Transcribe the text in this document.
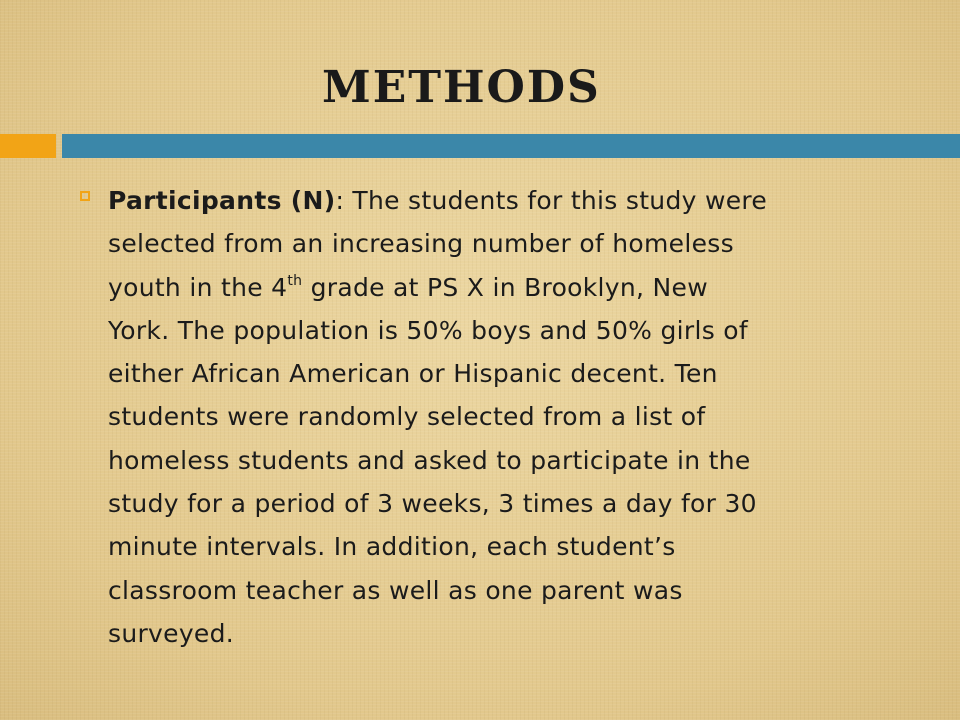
METHODS
Participants (N): The students for this study were
selected from an increasing number of homeless
youth in the 4th grade at PS X in Brooklyn, New
York. The population is 50% boys and 50% girls of
either African American or Hispanic decent. Ten
students were randomly selected from a list of
homeless students and asked to participate in the
study for a period of 3 weeks, 3 times a day for 30
minute intervals. In addition, each student’s
classroom teacher as well as one parent was
surveyed.
